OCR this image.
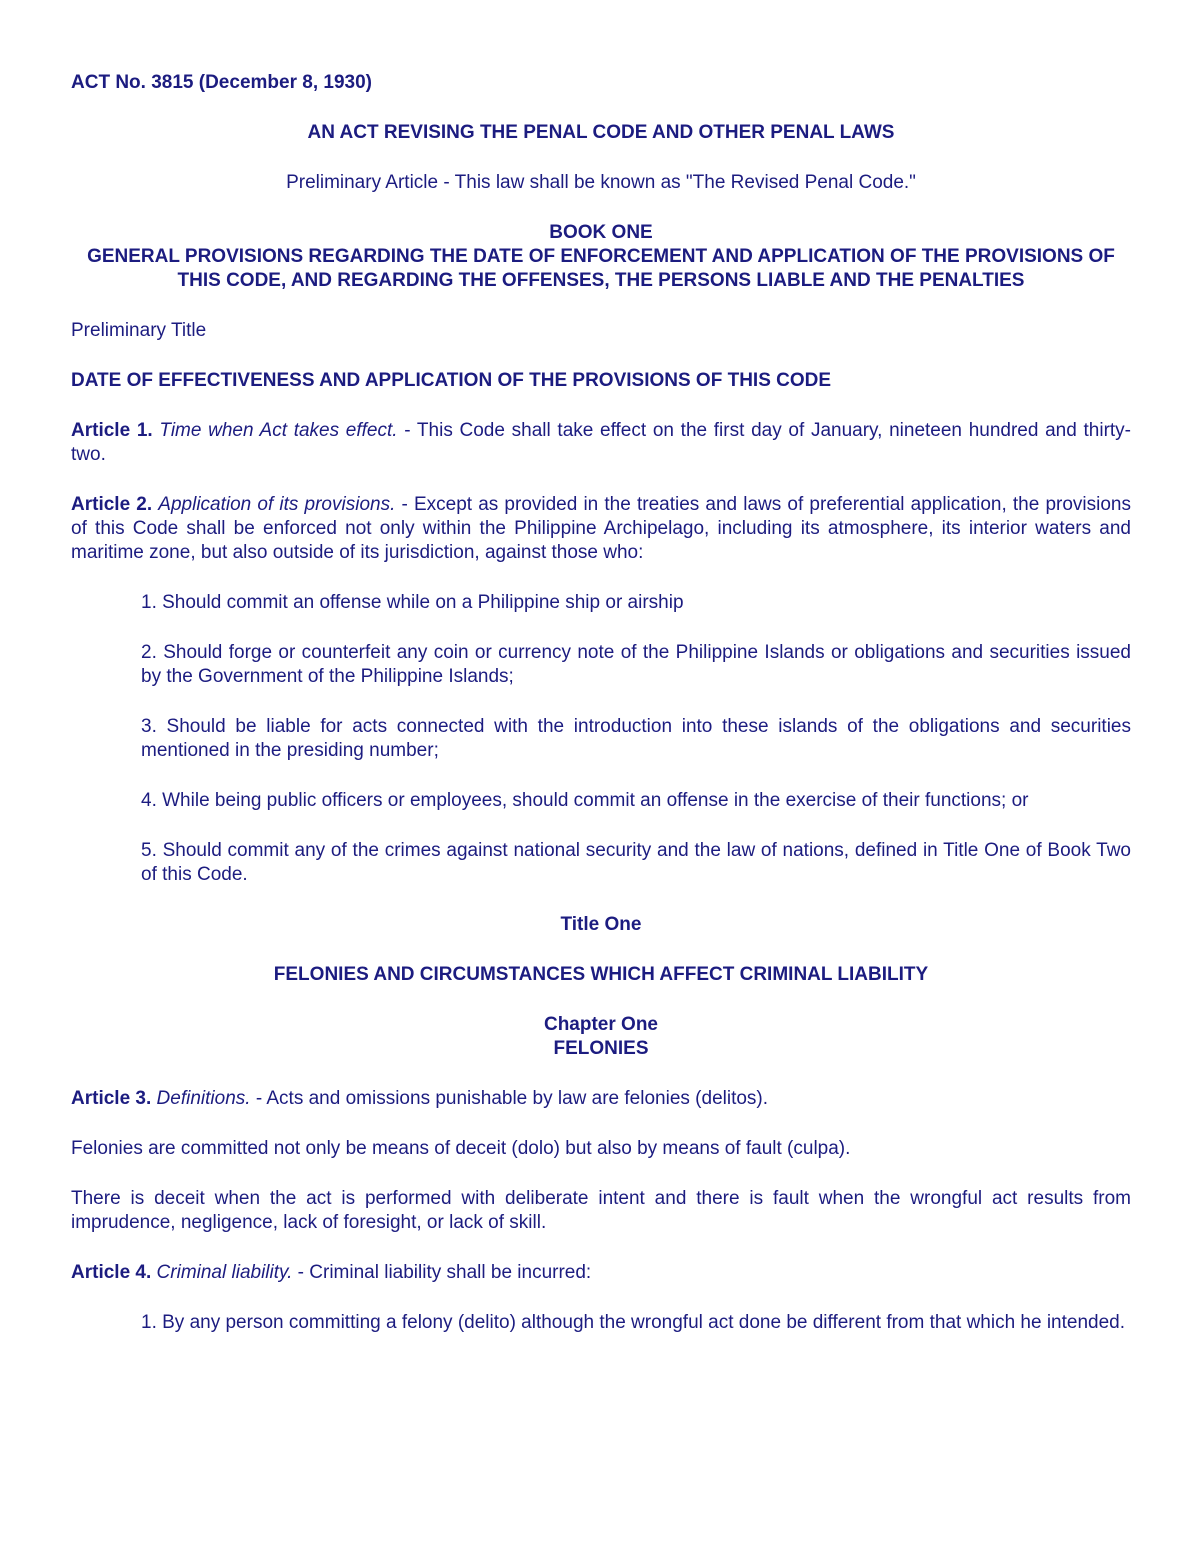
ACT No. 3815 (December 8, 1930)

AN ACT REVISING THE PENAL CODE AND OTHER PENAL LAWS

Preliminary Article - This law shall be known as "The Revised Penal Code."

BOOK ONE

GENERAL PROVISIONS REGARDING THE DATE OF ENFORCEMENT AND APPLICATION OF THE PROVISIONS OF THIS CODE, AND REGARDING THE OFFENSES, THE PERSONS LIABLE AND THE PENALTIES

Preliminary Title

DATE OF EFFECTIVENESS AND APPLICATION OF THE PROVISIONS OF THIS CODE

Article 1. Time when Act takes effect. - This Code shall take effect on the first day of January, nineteen hundred and thirty-two.

Article 2. Application of its provisions. - Except as provided in the treaties and laws of preferential application, the provisions of this Code shall be enforced not only within the Philippine Archipelago, including its atmosphere, its interior waters and maritime zone, but also outside of its jurisdiction, against those who:

1. Should commit an offense while on a Philippine ship or airship

2. Should forge or counterfeit any coin or currency note of the Philippine Islands or obligations and securities issued by the Government of the Philippine Islands;

3. Should be liable for acts connected with the introduction into these islands of the obligations and securities mentioned in the presiding number;

4. While being public officers or employees, should commit an offense in the exercise of their functions; or

5. Should commit any of the crimes against national security and the law of nations, defined in Title One of Book Two of this Code.

Title One

FELONIES AND CIRCUMSTANCES WHICH AFFECT CRIMINAL LIABILITY

Chapter One

FELONIES

Article 3. Definitions. - Acts and omissions punishable by law are felonies (delitos).

Felonies are committed not only be means of deceit (dolo) but also by means of fault (culpa).

There is deceit when the act is performed with deliberate intent and there is fault when the wrongful act results from imprudence, negligence, lack of foresight, or lack of skill.

Article 4. Criminal liability. - Criminal liability shall be incurred:

1. By any person committing a felony (delito) although the wrongful act done be different from that which he intended.
